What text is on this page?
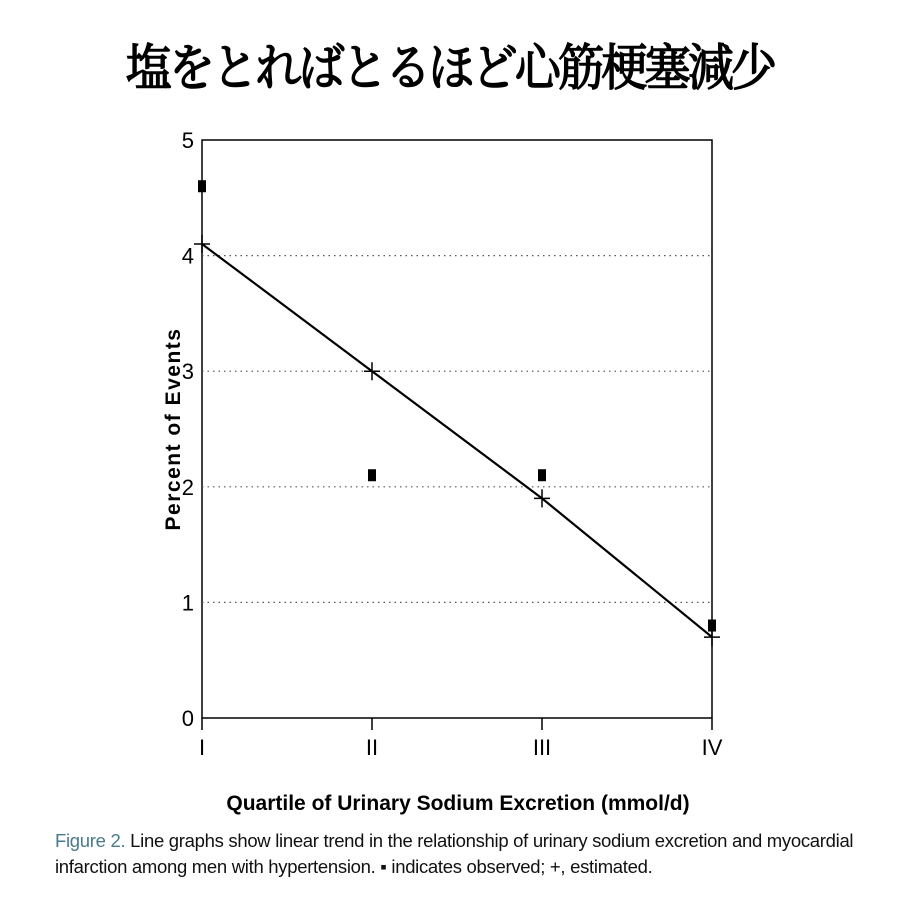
塩をとればとるほど心筋梗塞減少
0
1
2
3
4
5
I	II	III	IV
Percent of Events
Quartile of Urinary Sodium Excretion (mmol/d)
Figure 2. Line graphs show linear trend in the relationship of urinary sodium excretion and myocardial
infarction among men with hypertension. ▪ indicates observed; +, estimated.
